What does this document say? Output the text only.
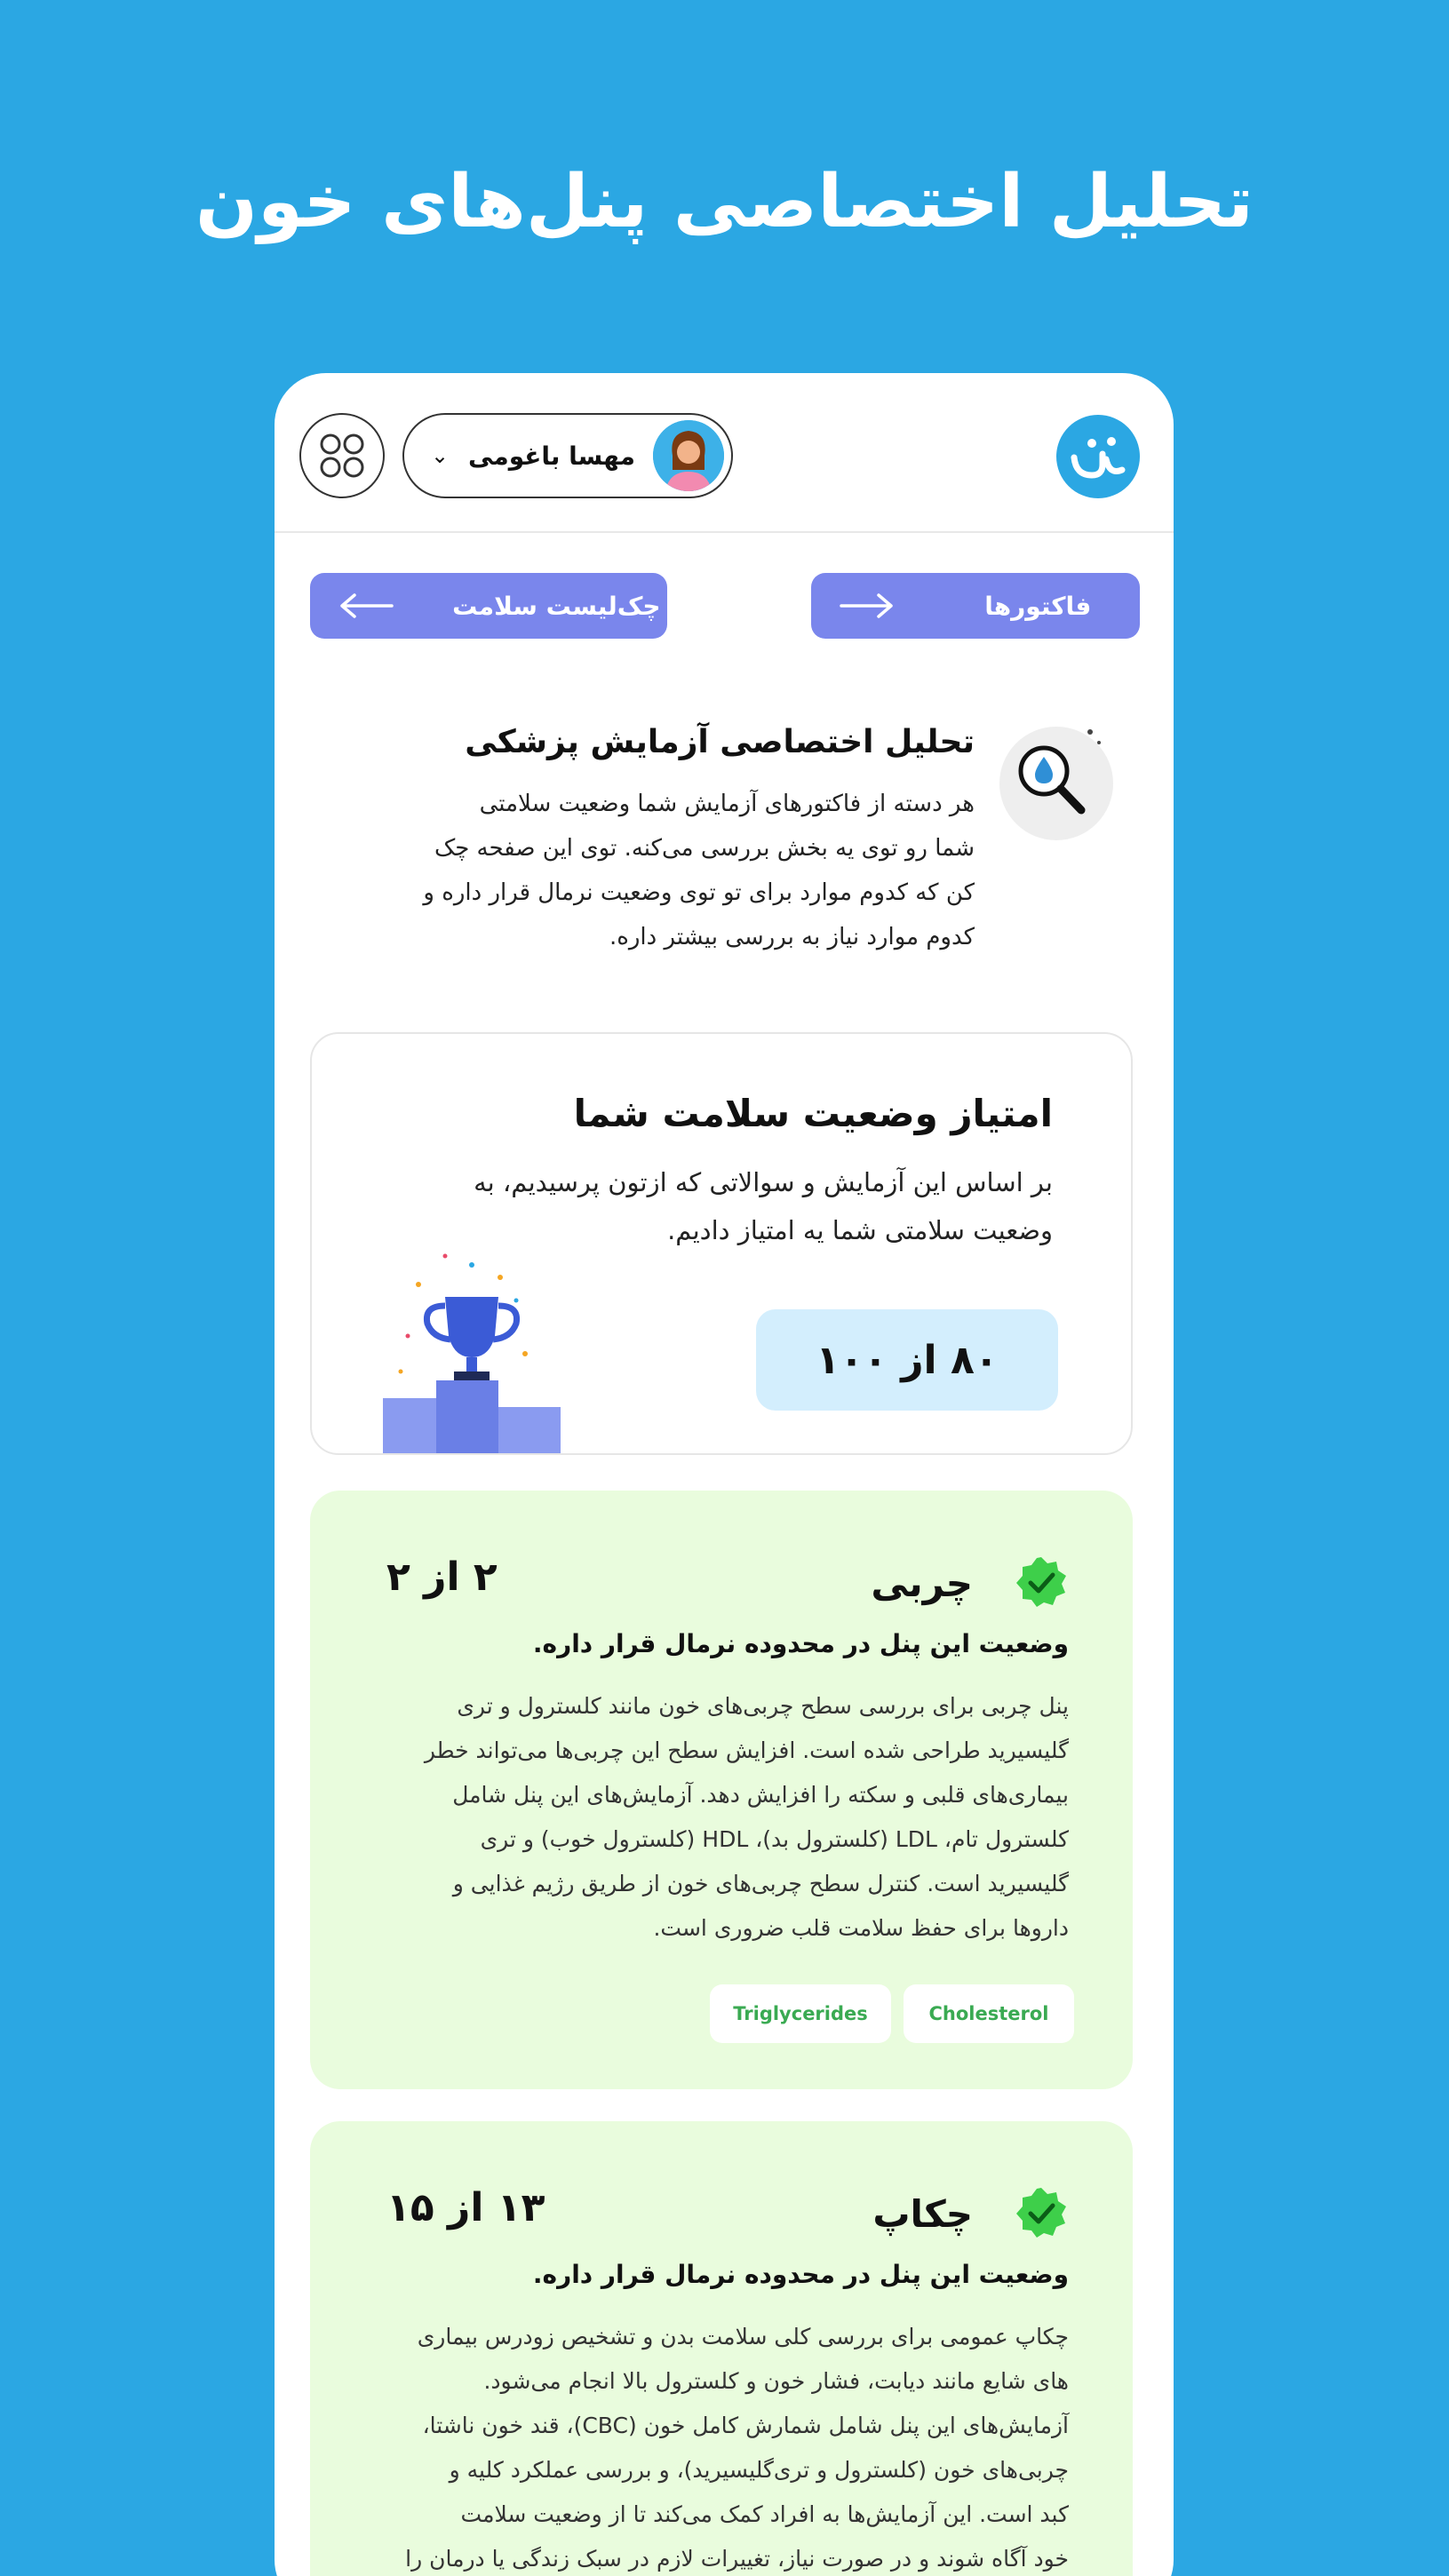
تحلیل اختصاصی پنل‌های خون
مهسا باغومی
⌄
فاکتورها
چک‌لیست سلامت
تحلیل اختصاصی آزمایش پزشکی
هر دسته از فاکتورهای آزمایش شما وضعیت سلامتی
شما رو توی یه بخش بررسی می‌کنه. توی این صفحه چک
کن که کدوم موارد برای تو توی وضعیت نرمال قرار داره و
کدوم موارد نیاز به بررسی بیشتر داره.
امتیاز وضعیت سلامت شما
بر اساس این آزمایش و سوالاتی که ازتون پرسیدیم، به
وضعیت سلامتی شما یه امتیاز دادیم.
۸۰ از ۱۰۰
چربی
۲ از ۲
وضعیت این پنل در محدوده نرمال قرار داره.
پنل چربی برای بررسی سطح چربی‌های خون مانند کلسترول و تری
گلیسیرید طراحی شده است. افزایش سطح این چربی‌ها می‌تواند خطر
بیماری‌های قلبی و سکته را افزایش دهد. آزمایش‌های این پنل شامل
کلسترول تام، LDL (کلسترول بد)، HDL (کلسترول خوب) و تری
گلیسیرید است. کنترل سطح چربی‌های خون از طریق رژیم غذایی و
داروها برای حفظ سلامت قلب ضروری است.
Cholesterol
Triglycerides
چکاپ
۱۳ از ۱۵
وضعیت این پنل در محدوده نرمال قرار داره.
چکاپ عمومی برای بررسی کلی سلامت بدن و تشخیص زودرس بیماری
های شایع مانند دیابت، فشار خون و کلسترول بالا انجام می‌شود.
آزمایش‌های این پنل شامل شمارش کامل خون (CBC)، قند خون ناشتا،
چربی‌های خون (کلسترول و تری‌گلیسیرید)، و بررسی عملکرد کلیه و
کبد است. این آزمایش‌ها به افراد کمک می‌کند تا از وضعیت سلامت
خود آگاه شوند و در صورت نیاز، تغییرات لازم در سبک زندگی یا درمان را
